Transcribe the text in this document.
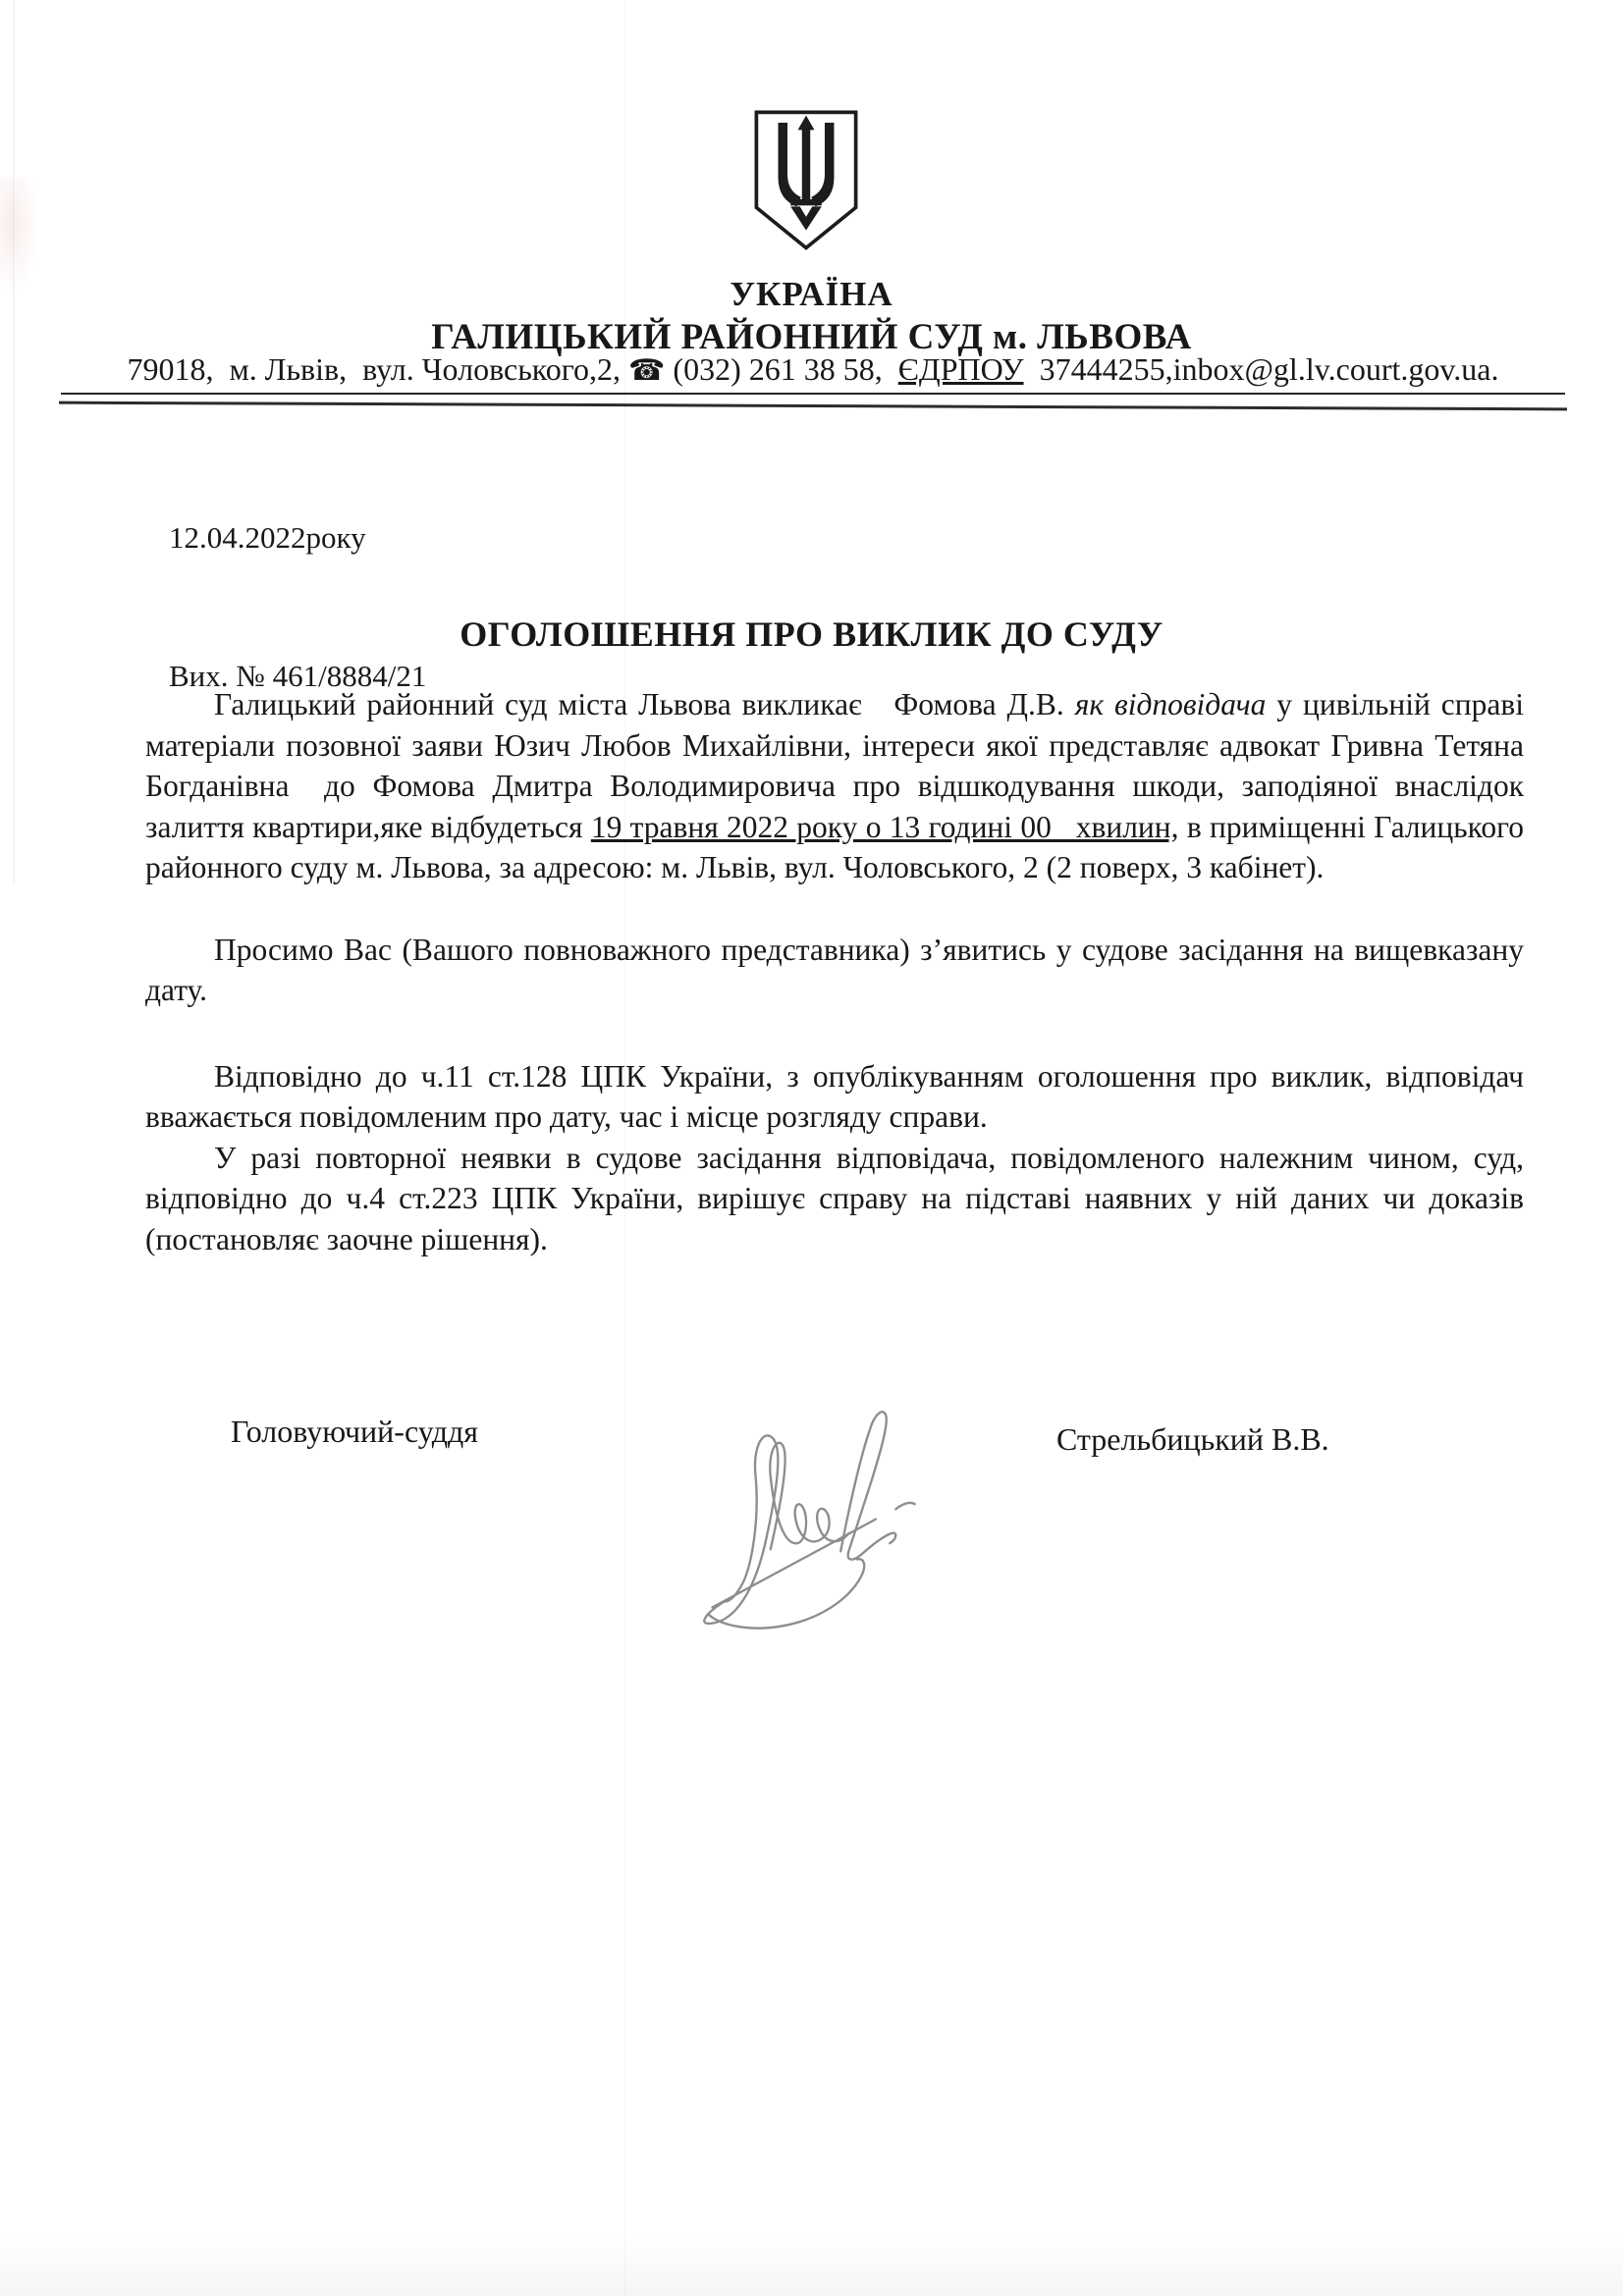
УКРАЇНА
ГАЛИЦЬКИЙ РАЙОННИЙ СУД м. ЛЬВОВА
79018,  м. Львів,  вул. Чоловського,2, ☎ (032) 261 38 58,  ЄДРПОУ  37444255,inbox@gl.lv.court.gov.ua.

12.04.2022року

Вих. № 461/8884/21

ОГОЛОШЕННЯ ПРО ВИКЛИК ДО СУДУ

Галицький районний суд міста Львова викликає   Фомова Д.В. як відповідача у цивільній справі   матеріали позовної заяви Юзич Любов Михайлівни, інтереси якої представляє адвокат Гривна Тетяна Богданівна  до Фомова Дмитра Володимировича про відшкодування шкоди, заподіяної внаслідок залиття квартири,яке відбудеться 19 травня 2022 року о 13 годині 00   хвилин, в приміщенні Галицького районного суду м. Львова, за адресою: м. Львів, вул. Чоловського, 2 (2 поверх, 3 кабінет).

Просимо Вас (Вашого повноважного представника) з’явитись у судове засідання на вищевказану дату.

Відповідно до ч.11 ст.128 ЦПК України, з опублікуванням оголошення про виклик, відповідач вважається повідомленим про дату, час і місце розгляду справи.

У разі повторної неявки в судове засідання відповідача, повідомленого належним чином, суд, відповідно до ч.4 ст.223 ЦПК України, вирішує справу на підставі наявних у ній даних чи доказів (постановляє заочне рішення).

Головуючий-суддя	Стрельбицький В.В.
